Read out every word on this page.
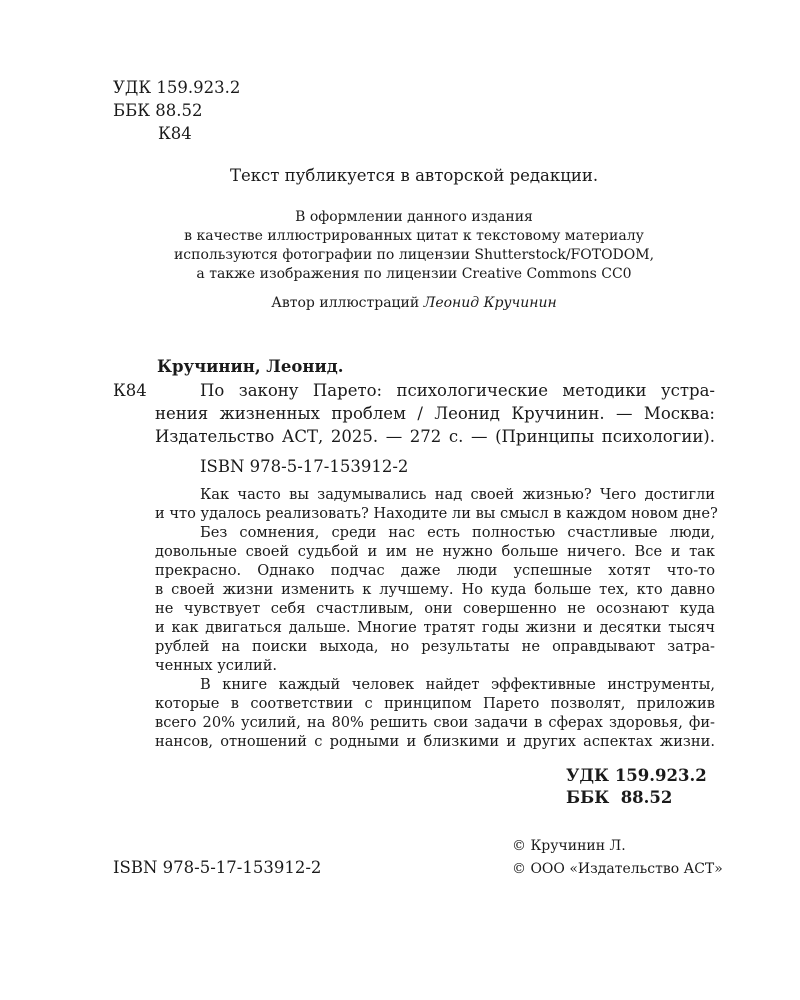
УДК 159.923.2
ББК 88.52
К84
Текст публикуется в авторской редакции.
В оформлении данного издания
в качестве иллюстрированных цитат к текстовому материалу
используются фотографии по лицензии Shutterstock/FOTODOM,
а также изображения по лицензии Creative Commons CC0
Автор иллюстраций Леонид Кручинин
Кручинин, Леонид.
К84	По закону Парето: психологические методики устра-
нения жизненных проблем / Леонид Кручинин. — Москва:
Издательство АСТ, 2025. — 272 с. — (Принципы психологии).
ISBN 978-5-17-153912-2
Как часто вы задумывались над своей жизнью? Чего достигли
и что удалось реализовать? Находите ли вы смысл в каждом новом дне?
Без сомнения, среди нас есть полностью счастливые люди,
довольные своей судьбой и им не нужно больше ничего. Все и так
прекрасно. Однако подчас даже люди успешные хотят что-то
в своей жизни изменить к лучшему. Но куда больше тех, кто давно
не чувствует себя счастливым, они совершенно не осознают куда
и как двигаться дальше. Многие тратят годы жизни и десятки тысяч
рублей на поиски выхода, но результаты не оправдывают затра-
ченных усилий.
В книге каждый человек найдет эффективные инструменты,
которые в соответствии с принципом Парето позволят, приложив
всего 20% усилий, на 80% решить свои задачи в сферах здоровья, фи-
нансов, отношений с родными и близкими и других аспектах жизни.
УДК 159.923.2
ББК  88.52
ISBN 978-5-17-153912-2
© Кручинин Л.
© ООО «Издательство АСТ»
